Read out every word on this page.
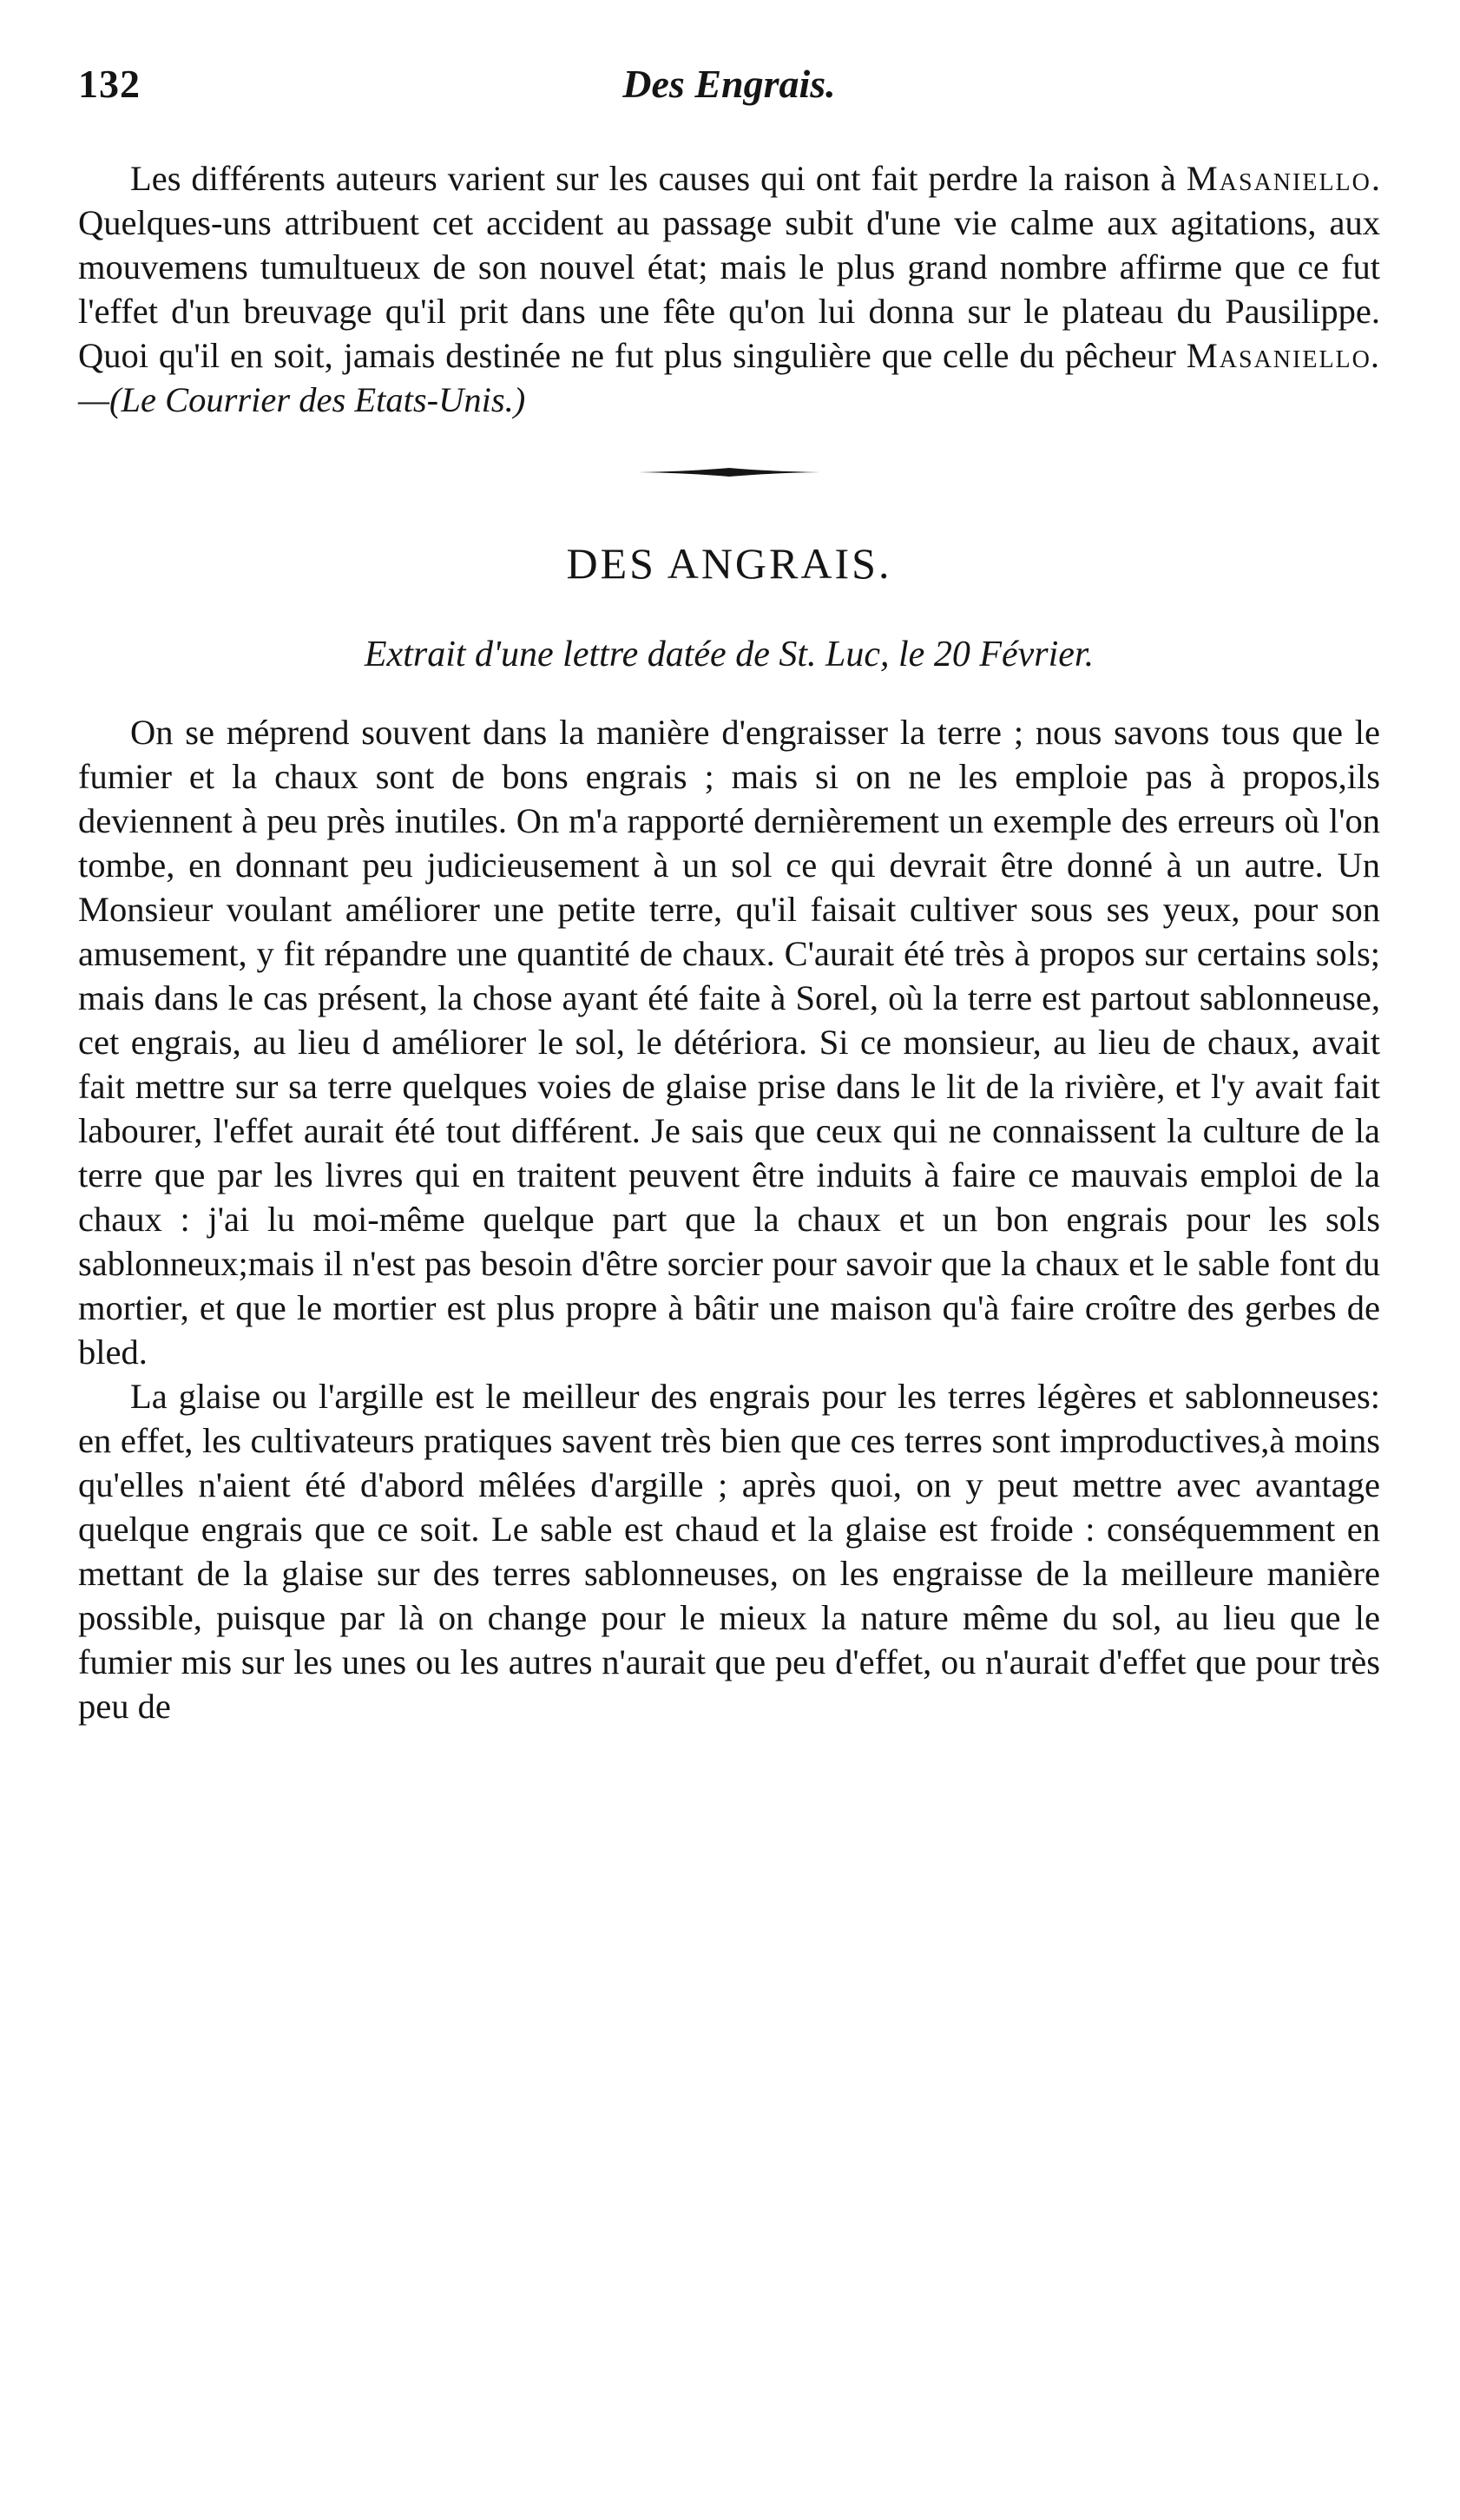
132	Des Engrais.

Les différents auteurs varient sur les causes qui ont fait perdre la raison à Masaniello. Quelques-uns attribuent cet accident au passage subit d'une vie calme aux agitations, aux mouvemens tumultueux de son nouvel état; mais le plus grand nombre affirme que ce fut l'effet d'un breuvage qu'il prit dans une fête qu'on lui donna sur le plateau du Pausilippe. Quoi qu'il en soit, jamais destinée ne fut plus singulière que celle du pêcheur Masaniello.—(Le Courrier des Etats-Unis.)

DES ANGRAIS.
Extrait d'une lettre datée de St. Luc, le 20 Février.

On se méprend souvent dans la manière d'engraisser la terre ; nous savons tous que le fumier et la chaux sont de bons engrais ; mais si on ne les emploie pas à propos,ils deviennent à peu près inutiles. On m'a rapporté dernièrement un exemple des erreurs où l'on tombe, en donnant peu judicieusement à un sol ce qui devrait être donné à un autre. Un Monsieur voulant améliorer une petite terre, qu'il faisait cultiver sous ses yeux, pour son amusement, y fit répandre une quantité de chaux. C'aurait été très à propos sur certains sols; mais dans le cas présent, la chose ayant été faite à Sorel, où la terre est partout sablonneuse, cet engrais, au lieu d améliorer le sol, le détériora. Si ce monsieur, au lieu de chaux, avait fait mettre sur sa terre quelques voies de glaise prise dans le lit de la rivière, et l'y avait fait labourer, l'effet aurait été tout différent. Je sais que ceux qui ne connaissent la culture de la terre que par les livres qui en traitent peuvent être induits à faire ce mauvais emploi de la chaux : j'ai lu moi-même quelque part que la chaux et un bon engrais pour les sols sablonneux;mais il n'est pas besoin d'être sorcier pour savoir que la chaux et le sable font du mortier, et que le mortier est plus propre à bâtir une maison qu'à faire croître des gerbes de bled.

La glaise ou l'argille est le meilleur des engrais pour les terres légères et sablonneuses: en effet, les cultivateurs pratiques savent très bien que ces terres sont improductives,à moins qu'elles n'aient été d'abord mêlées d'argille ; après quoi, on y peut mettre avec avantage quelque engrais que ce soit. Le sable est chaud et la glaise est froide : conséquemment en mettant de la glaise sur des terres sablonneuses, on les engraisse de la meilleure manière possible, puisque par là on change pour le mieux la nature même du sol, au lieu que le fumier mis sur les unes ou les autres n'aurait que peu d'effet, ou n'aurait d'effet que pour très peu de
